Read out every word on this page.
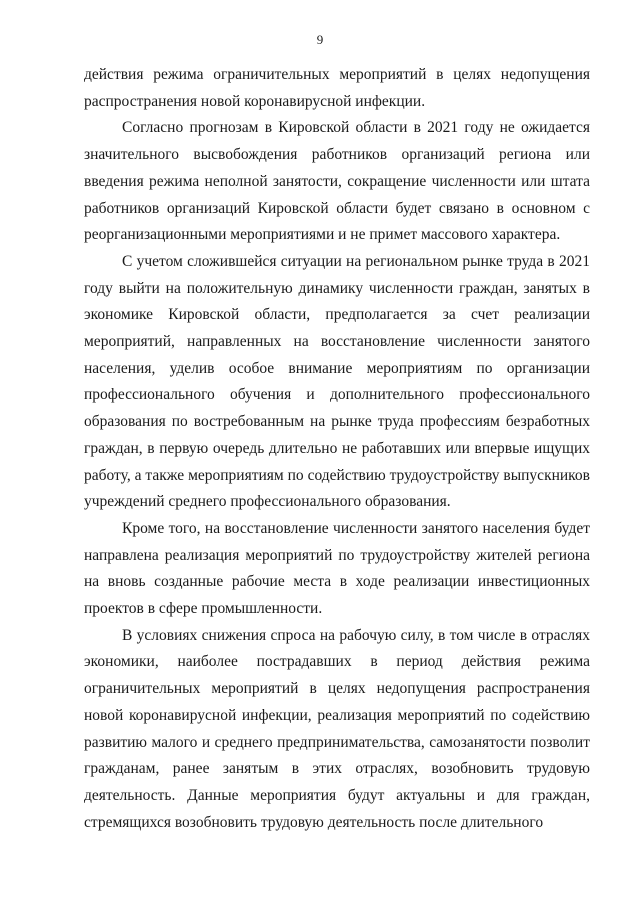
9

действия режима ограничительных мероприятий в целях недопущения распространения новой коронавирусной инфекции.

Согласно прогнозам в Кировской области в 2021 году не ожидается значительного высвобождения работников организаций региона или введения режима неполной занятости, сокращение численности или штата работников организаций Кировской области будет связано в основном с реорганизационными мероприятиями и не примет массового характера.

С учетом сложившейся ситуации на региональном рынке труда в 2021 году выйти на положительную динамику численности граждан, занятых в экономике Кировской области, предполагается за счет реализации мероприятий, направленных на восстановление численности занятого населения, уделив особое внимание мероприятиям по организации профессионального обучения и дополнительного профессионального образования по востребованным на рынке труда профессиям безработных граждан, в первую очередь длительно не работавших или впервые ищущих работу, а также мероприятиям по содействию трудоустройству выпускников учреждений среднего профессионального образования.

Кроме того, на восстановление численности занятого населения будет направлена реализация мероприятий по трудоустройству жителей региона на вновь созданные рабочие места в ходе реализации инвестиционных проектов в сфере промышленности.

В условиях снижения спроса на рабочую силу, в том числе в отраслях экономики, наиболее пострадавших в период действия режима ограничительных мероприятий в целях недопущения распространения новой коронавирусной инфекции, реализация мероприятий по содействию развитию малого и среднего предпринимательства, самозанятости позволит гражданам, ранее занятым в этих отраслях, возобновить трудовую деятельность. Данные мероприятия будут актуальны и для граждан, стремящихся возобновить трудовую деятельность после длительного
